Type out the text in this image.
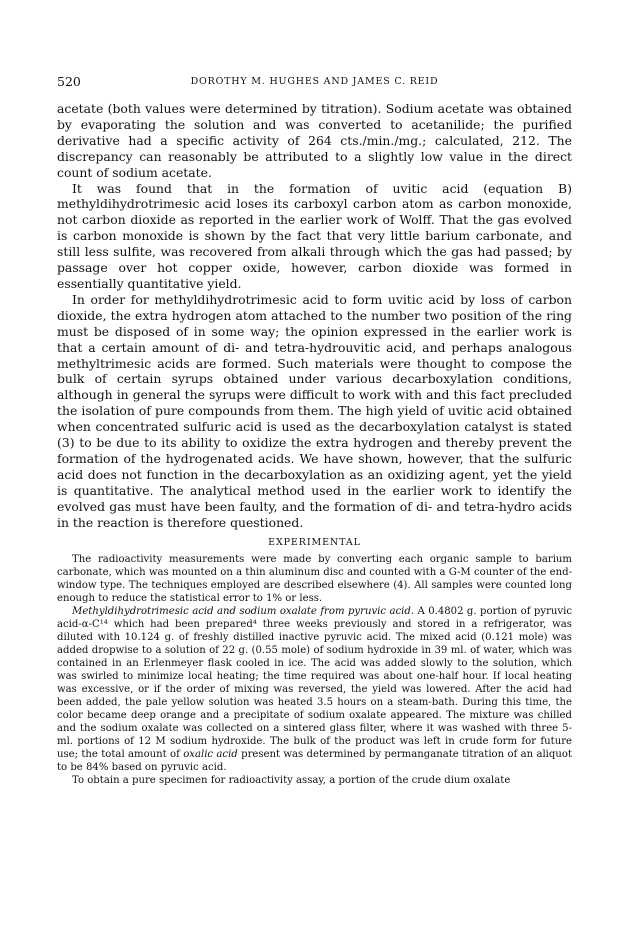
520	DOROTHY M. HUGHES AND JAMES C. REID

acetate (both values were determined by titration). Sodium acetate was obtained by evaporating the solution and was converted to acetanilide; the purified derivative had a specific activity of 264 cts./min./mg.; calculated, 212. The discrepancy can reasonably be attributed to a slightly low value in the direct count of sodium acetate.

It was found that in the formation of uvitic acid (equation B) methyldihydrotrimesic acid loses its carboxyl carbon atom as carbon monoxide, not carbon dioxide as reported in the earlier work of Wolff. That the gas evolved is carbon monoxide is shown by the fact that very little barium carbonate, and still less sulfite, was recovered from alkali through which the gas had passed; by passage over hot copper oxide, however, carbon dioxide was formed in essentially quantitative yield.

In order for methyldihydrotrimesic acid to form uvitic acid by loss of carbon dioxide, the extra hydrogen atom attached to the number two position of the ring must be disposed of in some way; the opinion expressed in the earlier work is that a certain amount of di- and tetra-hydrouvitic acid, and perhaps analogous methyltrimesic acids are formed. Such materials were thought to compose the bulk of certain syrups obtained under various decarboxylation conditions, although in general the syrups were difficult to work with and this fact precluded the isolation of pure compounds from them. The high yield of uvitic acid obtained when concentrated sulfuric acid is used as the decarboxylation catalyst is stated (3) to be due to its ability to oxidize the extra hydrogen and thereby prevent the formation of the hydrogenated acids. We have shown, however, that the sulfuric acid does not function in the decarboxylation as an oxidizing agent, yet the yield is quantitative. The analytical method used in the earlier work to identify the evolved gas must have been faulty, and the formation of di- and tetra-hydro acids in the reaction is therefore questioned.

EXPERIMENTAL

The radioactivity measurements were made by converting each organic sample to barium carbonate, which was mounted on a thin aluminum disc and counted with a G-M counter of the end-window type. The techniques employed are described elsewhere (4). All samples were counted long enough to reduce the statistical error to 1% or less.

Methyldihydrotrimesic acid and sodium oxalate from pyruvic acid. A 0.4802 g. portion of pyruvic acid-α-C¹⁴ which had been prepared⁴ three weeks previously and stored in a refrigerator, was diluted with 10.124 g. of freshly distilled inactive pyruvic acid. The mixed acid (0.121 mole) was added dropwise to a solution of 22 g. (0.55 mole) of sodium hydroxide in 39 ml. of water, which was contained in an Erlenmeyer flask cooled in ice. The acid was added slowly to the solution, which was swirled to minimize local heating; the time required was about one-half hour. If local heating was excessive, or if the order of mixing was reversed, the yield was lowered. After the acid had been added, the pale yellow solution was heated 3.5 hours on a steam-bath. During this time, the color became deep orange and a precipitate of sodium oxalate appeared. The mixture was chilled and the sodium oxalate was collected on a sintered glass filter, where it was washed with three 5-ml. portions of 12 M sodium hydroxide. The bulk of the product was left in crude form for future use; the total amount of oxalic acid present was determined by permanganate titration of an aliquot to be 84% based on pyruvic acid.

To obtain a pure specimen for radioactivity assay, a portion of the crude dium oxalate
